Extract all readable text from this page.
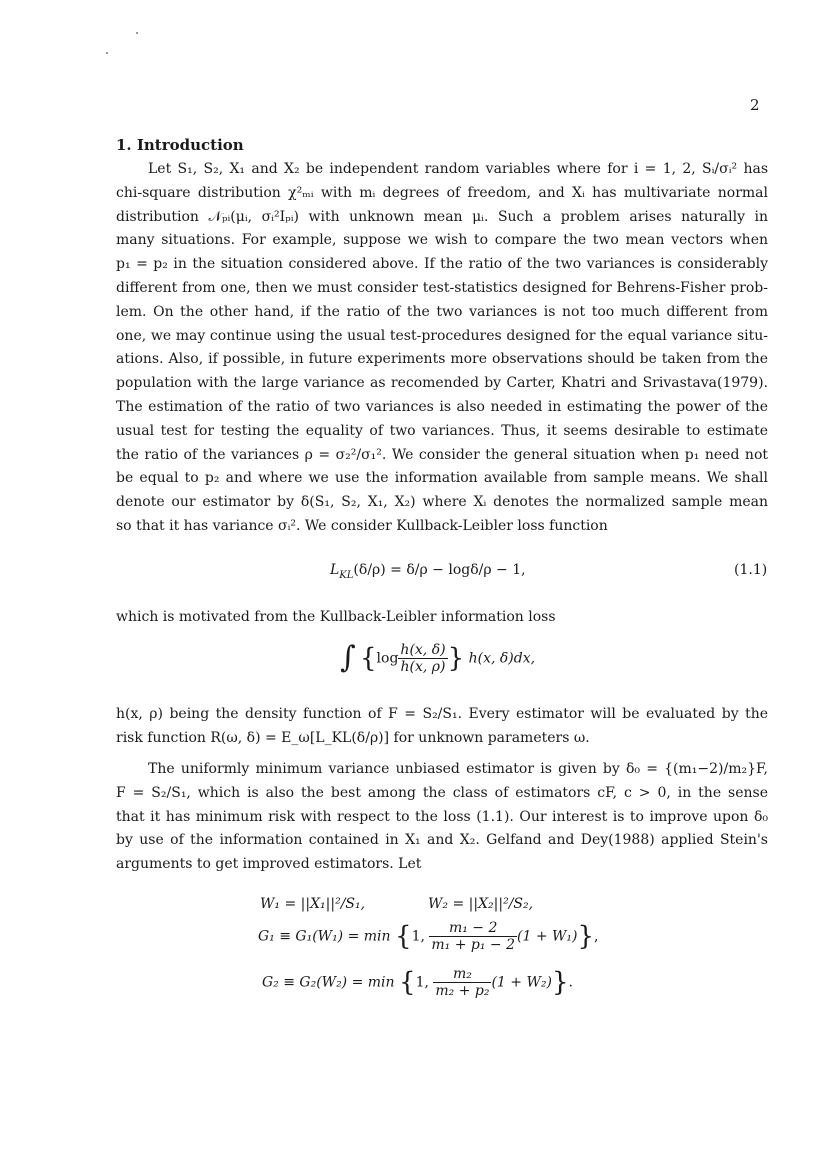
2
1. Introduction
Let S₁, S₂, X₁ and X₂ be independent random variables where for i = 1, 2, Sᵢ/σᵢ² has
chi-square distribution χ²ₘᵢ with mᵢ degrees of freedom, and Xᵢ has multivariate normal
distribution 𝒩ₚᵢ(μᵢ, σᵢ²Iₚᵢ) with unknown mean μᵢ. Such a problem arises naturally in
many situations. For example, suppose we wish to compare the two mean vectors when
p₁ = p₂ in the situation considered above. If the ratio of the two variances is considerably
different from one, then we must consider test-statistics designed for Behrens-Fisher prob-
lem. On the other hand, if the ratio of the two variances is not too much different from
one, we may continue using the usual test-procedures designed for the equal variance situ-
ations. Also, if possible, in future experiments more observations should be taken from the
population with the large variance as recomended by Carter, Khatri and Srivastava(1979).
The estimation of the ratio of two variances is also needed in estimating the power of the
usual test for testing the equality of two variances. Thus, it seems desirable to estimate
the ratio of the variances ρ = σ₂²/σ₁². We consider the general situation when p₁ need not
be equal to p₂ and where we use the information available from sample means. We shall
denote our estimator by δ(S₁, S₂, X₁, X₂) where Xᵢ denotes the normalized sample mean
so that it has variance σᵢ². We consider Kullback-Leibler loss function
$L_{KL}(\delta/\rho) = \delta/\rho - \log\delta/\rho - 1$,	(1.1)
which is motivated from the Kullback-Leibler information loss
∫ {$\log \frac{h(x, \delta)}{h(x, \rho)}$ } h(x, δ)dx,
h(x, ρ) being the density function of F = S₂/S₁. Every estimator will be evaluated by the
risk function R(ω, δ) = E_ω[L_KL(δ/ρ)] for unknown parameters ω.
The uniformly minimum variance unbiased estimator is given by δ₀ = {(m₁−2)/m₂}F,
F = S₂/S₁, which is also the best among the class of estimators cF, c > 0, in the sense
that it has minimum risk with respect to the loss (1.1). Our interest is to improve upon δ₀
by use of the information contained in X₁ and X₂. Gelfand and Dey(1988) applied Stein's
arguments to get improved estimators. Let
W₁ = ||X₁||²/S₁,	W₂ = ||X₂||²/S₂,
G₁ ≡ G₁(W₁) = min {1, $\frac{\text{m₁ − 2}}{\text{m₁ + p₁ − 2}} (1 + W_1)$},
G₂ ≡ G₂(W₂) = min {1, $\frac{\text{m₂}}{\text{m₂ + p₂}} (1 + W_2)$}.
